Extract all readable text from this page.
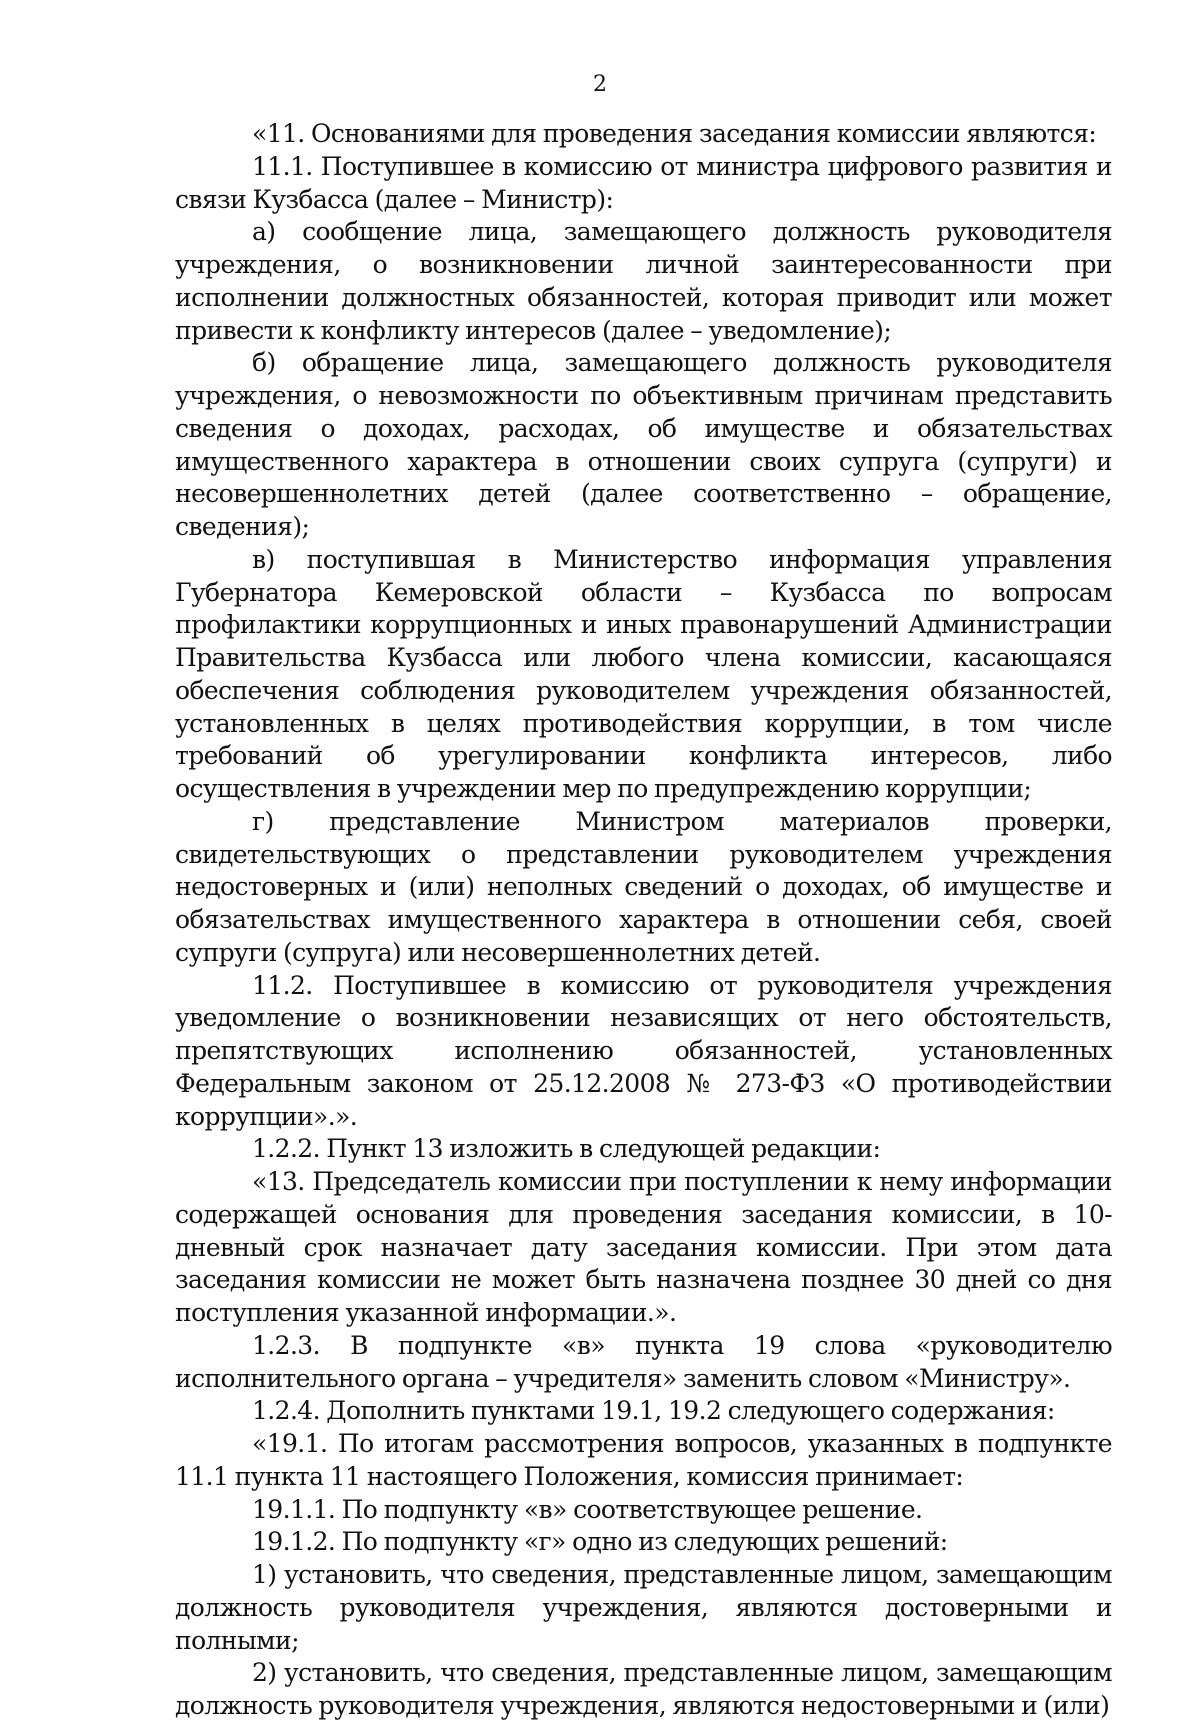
2

«11. Основаниями для проведения заседания комиссии являются:

11.1. Поступившее в комиссию от министра цифрового развития и связи Кузбасса (далее – Министр):

а) сообщение лица, замещающего должность руководителя учреждения, о возникновении личной заинтересованности при исполнении должностных обязанностей, которая приводит или может привести к конфликту интересов (далее – уведомление);

б) обращение лица, замещающего должность руководителя учреждения, о невозможности по объективным причинам представить сведения о доходах, расходах, об имуществе и обязательствах имущественного характера в отношении своих супруга (супруги) и несовершеннолетних детей (далее соответственно – обращение, сведения);

в) поступившая в Министерство информация управления Губернатора Кемеровской области – Кузбасса по вопросам профилактики коррупционных и иных правонарушений Администрации Правительства Кузбасса или любого члена комиссии, касающаяся обеспечения соблюдения руководителем учреждения обязанностей, установленных в целях противодействия коррупции, в том числе требований об урегулировании конфликта интересов, либо осуществления в учреждении мер по предупреждению коррупции;

г) представление Министром материалов проверки, свидетельствующих о представлении руководителем учреждения недостоверных и (или) неполных сведений о доходах, об имуществе и обязательствах имущественного характера в отношении себя, своей супруги (супруга) или несовершеннолетних детей.

11.2. Поступившее в комиссию от руководителя учреждения уведомление о возникновении независящих от него обстоятельств, препятствующих исполнению обязанностей, установленных Федеральным законом от 25.12.2008 № 273-ФЗ «О противодействии коррупции».».

1.2.2. Пункт 13 изложить в следующей редакции:

«13. Председатель комиссии при поступлении к нему информации содержащей основания для проведения заседания комиссии, в 10-дневный срок назначает дату заседания комиссии. При этом дата заседания комиссии не может быть назначена позднее 30 дней со дня поступления указанной информации.».

1.2.3. В подпункте «в» пункта 19 слова «руководителю исполнительного органа – учредителя» заменить словом «Министру».

1.2.4. Дополнить пунктами 19.1, 19.2 следующего содержания:

«19.1. По итогам рассмотрения вопросов, указанных в подпункте 11.1 пункта 11 настоящего Положения, комиссия принимает:

19.1.1. По подпункту «в» соответствующее решение.

19.1.2. По подпункту «г» одно из следующих решений:

1) установить, что сведения, представленные лицом, замещающим должность руководителя учреждения, являются достоверными и полными;

2) установить, что сведения, представленные лицом, замещающим должность руководителя учреждения, являются недостоверными и (или)
